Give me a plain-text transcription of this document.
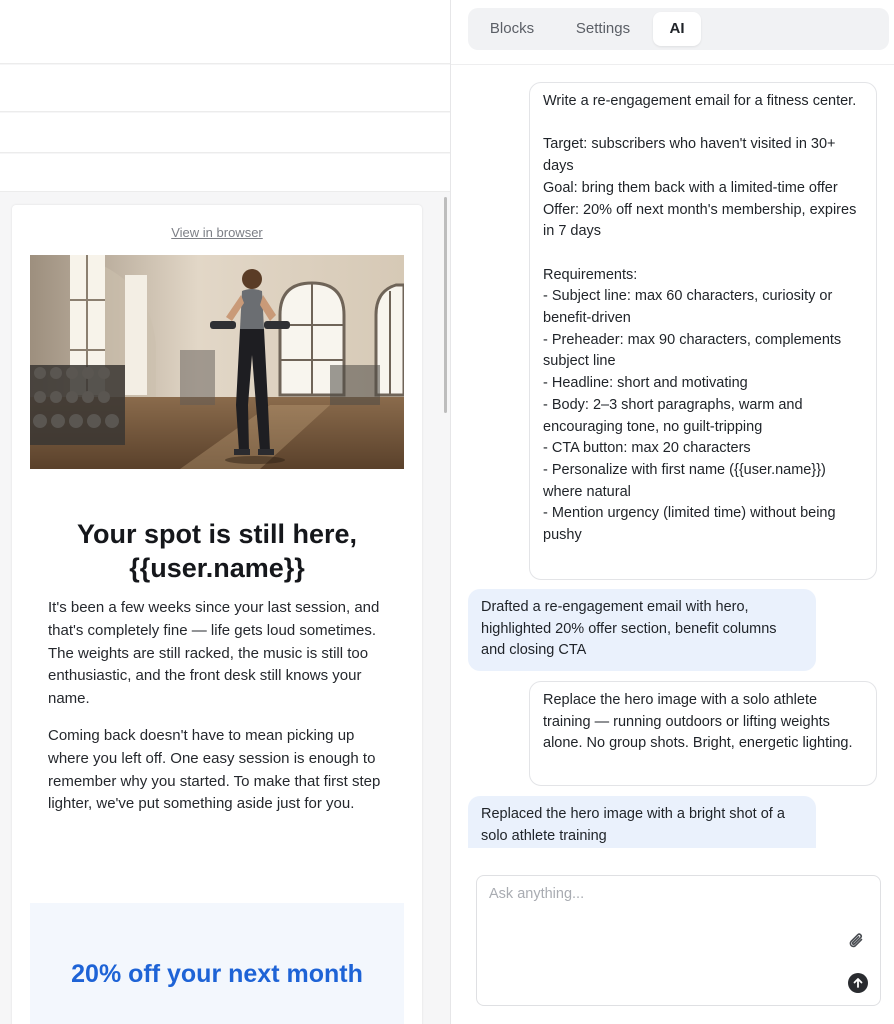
View in browser
Your spot is still here, {{user.name}}

It's been a few weeks since your last session, and that's completely fine — life gets loud sometimes. The weights are still racked, the music is still too enthusiastic, and the front desk still knows your name.

Coming back doesn't have to mean picking up where you left off. One easy session is enough to remember why you started. To make that first step lighter, we've put something aside just for you.

20% off your next month
Blocks	Settings	AI
Write a re-engagement email for a fitness center.

Target: subscribers who haven't visited in 30+ days
Goal: bring them back with a limited-time offer
Offer: 20% off next month's membership, expires in 7 days

Requirements:
- Subject line: max 60 characters, curiosity or benefit-driven
- Preheader: max 90 characters, complements subject line
- Headline: short and motivating
- Body: 2–3 short paragraphs, warm and encouraging tone, no guilt-tripping
- CTA button: max 20 characters
- Personalize with first name ({{user.name}}) where natural
- Mention urgency (limited time) without being pushy
Drafted a re-engagement email with hero, highlighted 20% offer section, benefit columns and closing CTA
Replace the hero image with a solo athlete training — running outdoors or lifting weights alone. No group shots. Bright, energetic lighting.
Replaced the hero image with a bright shot of a solo athlete training
Ask anything...
